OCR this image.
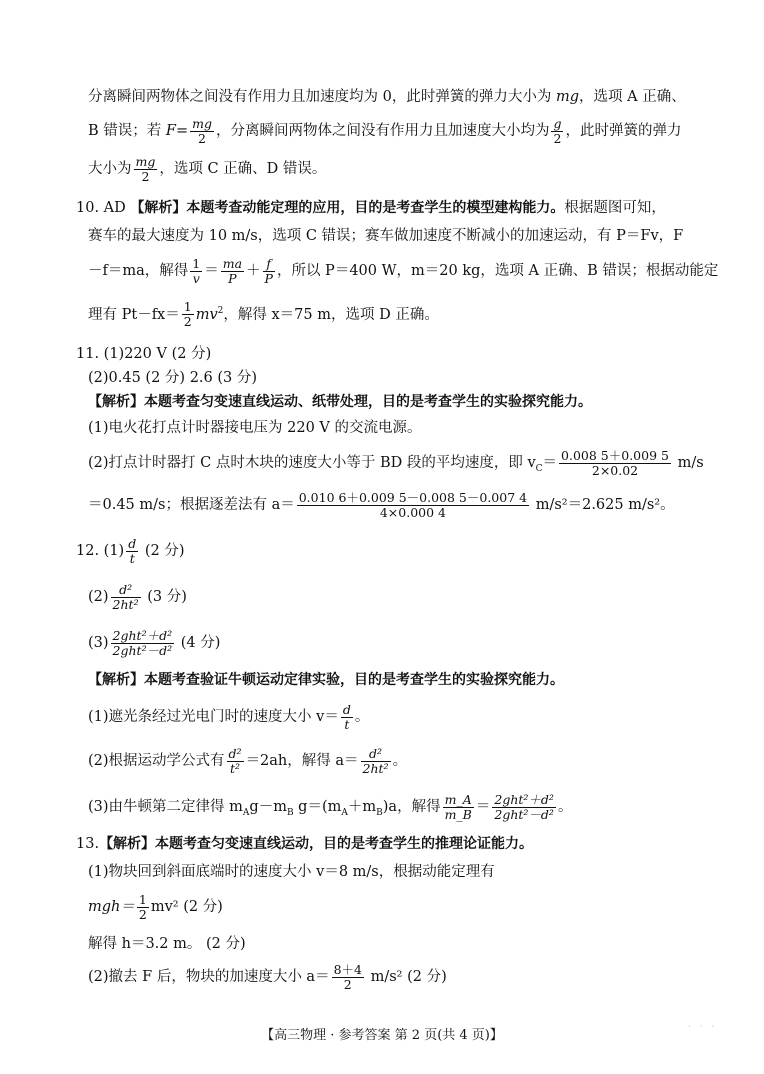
分离瞬间两物体之间没有作用力且加速度均为 0，此时弹簧的弹力大小为 mg，选项 A 正确、
B 错误；若 $F= \frac{mg}{2}$ ，分离瞬间两物体之间没有作用力且加速度大小均为 $\frac{g}{2}$ ，此时弹簧的弹力
大小为 $\frac{mg}{2}$ ，选项 C 正确、D 错误。
10. AD 【解析】本题考查动能定理的应用，目的是考查学生的模型建构能力。根据题图可知，
赛车的最大速度为 10 m/s，选项 C 错误；赛车做加速度不断减小的加速运动，有 P＝Fv，F
－f＝ma，解得 $\frac{1}{v} = \frac{ma}{P} + \frac{f}{P}$ ，所以 P＝400 W，m＝20 kg，选项 A 正确、B 错误；根据动能定
理有 $Pt-fx= \frac{1}{2} mv^2$，解得 x＝75 m，选项 D 正确。
11. (1)220 V (2 分)
(2)0.45 (2 分) 2.6 (3 分)
【解析】本题考查匀变速直线运动、纸带处理，目的是考查学生的实验探究能力。
(1)电火花打点计时器接电压为 220 V 的交流电源。
(2)打点计时器打 C 点时木块的速度大小等于 BD 段的平均速度，即 $v_C= \frac{0.008 5+0.009 5}{2\times 0.02} m/s$
＝0.45 m/s；根据逐差法有 $a= \frac{0.010 6+0.009 5-0.008 5-0.007 4}{4\times 0.000 4} m/s^2=2.625$ m/s²。
12. $(1) \frac{d}{t} (2$ 分)
$(2) \frac{\text{d²}}{\text{2ht²}} (3$ 分)
$(3) \frac{\text{2ght²＋d²}}{\text{2ght²－d²}} (4$ 分)
【解析】本题考查验证牛顿运动定律实验，目的是考查学生的实验探究能力。
(1)遮光条经过光电门时的速度大小 $v= \frac{d}{t}$ 。
(2)根据运动学公式有 $\frac{\text{d²}}{\text{t²}} =2ah$，解得 $a= \frac{\text{d²}}{\text{2ht²}}$ 。
(3)由牛顿第二定律得 $m_Ag-m_B$ $g=(m_A+m_B)a$，解得 $\frac{m\_A}{m\_B} = \frac{\text{2ght²＋d²}}{\text{2ght²－d²}}$ 。
13.【解析】本题考查匀变速直线运动，目的是考查学生的推理论证能力。
(1)物块回到斜面底端时的速度大小 v＝8 m/s，根据动能定理有
$mgh= \frac{1}{2} mv^2$ (2 分)
解得 h＝3.2 m。 (2 分)
(2)撤去 F 后，物块的加速度大小 $a= \frac{8+4}{2} m/s^2$ (2 分)
【高三物理 · 参考答案 第 2 页(共 4 页)】
· · ·
